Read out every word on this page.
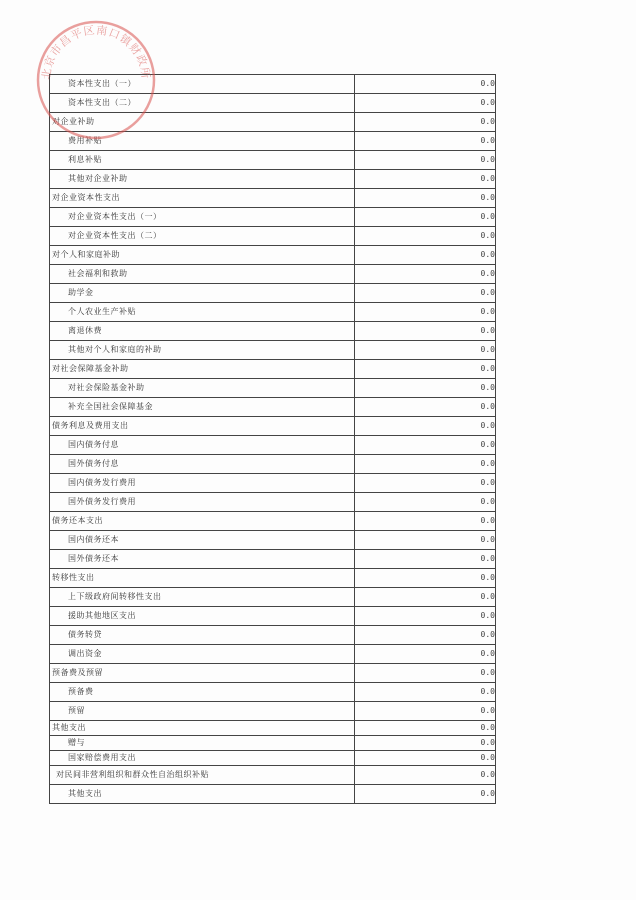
资本性支出（一）	0.0
资本性支出（二）	0.0
对企业补助	0.0
费用补贴	0.0
利息补贴	0.0
其他对企业补助	0.0
对企业资本性支出	0.0
对企业资本性支出（一）	0.0
对企业资本性支出（二）	0.0
对个人和家庭补助	0.0
社会福利和救助	0.0
助学金	0.0
个人农业生产补贴	0.0
离退休费	0.0
其他对个人和家庭的补助	0.0
对社会保障基金补助	0.0
对社会保险基金补助	0.0
补充全国社会保障基金	0.0
债务利息及费用支出	0.0
国内债务付息	0.0
国外债务付息	0.0
国内债务发行费用	0.0
国外债务发行费用	0.0
债务还本支出	0.0
国内债务还本	0.0
国外债务还本	0.0
转移性支出	0.0
上下级政府间转移性支出	0.0
援助其他地区支出	0.0
债务转贷	0.0
调出资金	0.0
预备费及预留	0.0
预备费	0.0
预留	0.0
其他支出	0.0
赠与	0.0
国家赔偿费用支出	0.0
对民间非营利组织和群众性自治组织补贴	0.0
其他支出	0.0
北京市昌平区南口镇财政所
